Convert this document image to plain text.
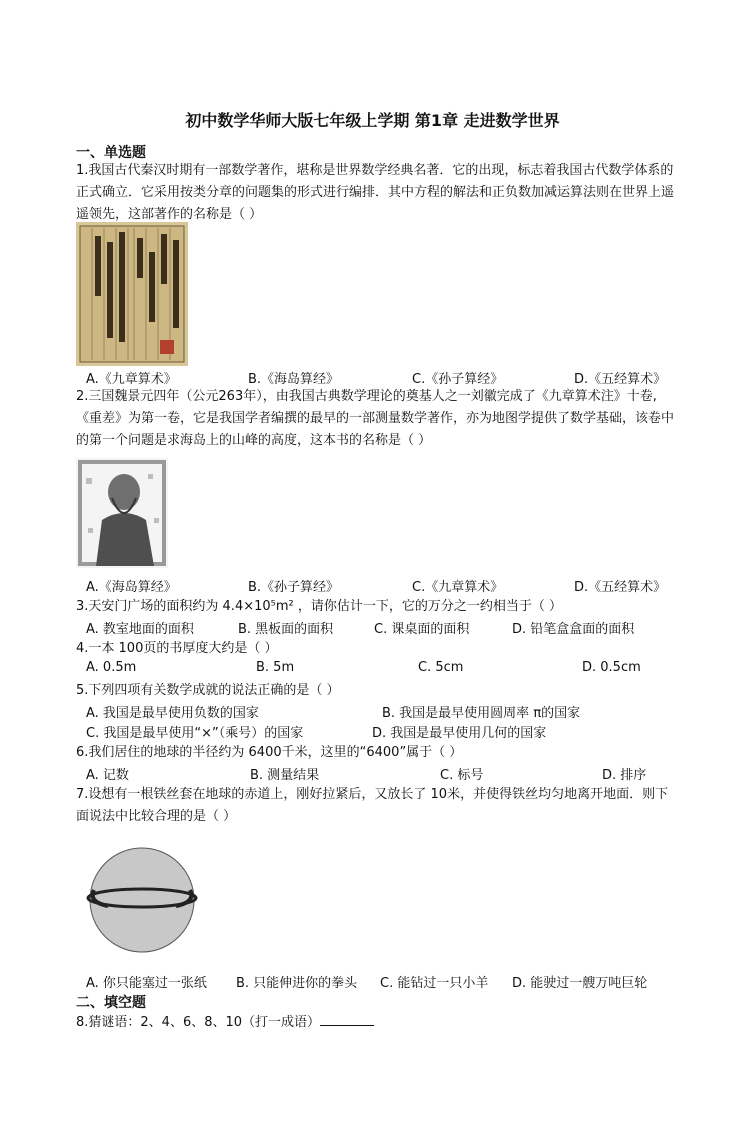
初中数学华师大版七年级上学期 第1章 走进数学世界
一、单选题
1.我国古代秦汉时期有一部数学著作，堪称是世界数学经典名著．它的出现，标志着我国古代数学体系的正式确立．它采用按类分章的问题集的形式进行编排．其中方程的解法和正负数加减运算法则在世界上遥遥领先，这部著作的名称是（ ）
A.《九章算术》	B.《海岛算经》	C.《孙子算经》	D.《五经算术》
2.三国魏景元四年（公元263年），由我国古典数学理论的奠基人之一刘徽完成了《九章算术注》十卷,《重差》为第一卷，它是我国学者编撰的最早的一部测量数学著作，亦为地图学提供了数学基础，该卷中的第一个问题是求海岛上的山峰的高度，这本书的名称是（ ）
A.《海岛算经》	B.《孙子算经》	C.《九章算术》	D.《五经算术》
3.天安门广场的面积约为 4.4×10⁵m² ，请你估计一下，它的万分之一约相当于（ ）
A. 教室地面的面积	B. 黑板面的面积	C. 课桌面的面积	D. 铅笔盒盒面的面积
4.一本 100页的书厚度大约是（ ）
A. 0.5m	B. 5m	C. 5cm	D. 0.5cm
5.下列四项有关数学成就的说法正确的是（ ）
A. 我国是最早使用负数的国家	B. 我国是最早使用圆周率 π的国家
C. 我国是最早使用“×”（乘号）的国家	D. 我国是最早使用几何的国家
6.我们居住的地球的半径约为 6400千米，这里的“6400”属于（ ）
A. 记数	B. 测量结果	C. 标号	D. 排序
7.设想有一根铁丝套在地球的赤道上，刚好拉紧后，又放长了 10米，并使得铁丝均匀地离开地面．则下面说法中比较合理的是（ ）
A. 你只能塞过一张纸 B. 只能伸进你的拳头 C. 能钻过一只小羊 D. 能驶过一艘万吨巨轮
二、填空题
8.猜谜语：2、4、6、8、10（打一成语）
